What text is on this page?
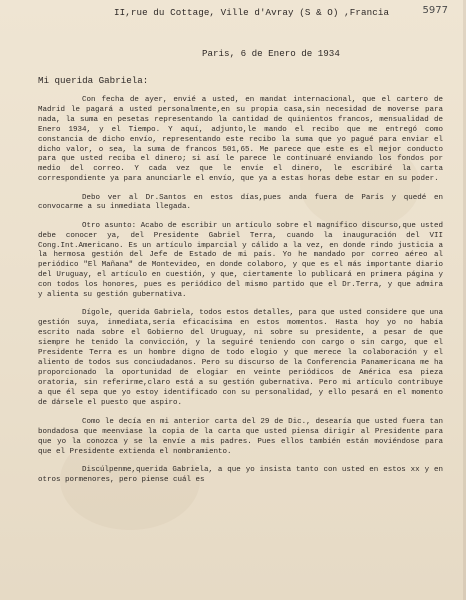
II,rue du Cottage, Ville d'Avray (S & O) ,Francia	5977
Paris, 6 de Enero de 1934
Mi querida Gabriela:

Con fecha de ayer, envié a usted, en mandat internacional, que el cartero de Madrid le pagará a usted personalmente,en su propia casa,sin necesidad de moverse para nada, la suma en pesetas representando la cantidad de quinientos francos, mensualidad de Enero 1934, y el Tiempo. Y aquí, adjunto,le mando el recibo que me entregó como constancia de dicho envío, representando este recibo la suma que yo pagué para enviar el dicho valor, o sea, la suma de francos 501,65. Me parece que este es el mejor conducto para que usted reciba el dinero; si así le parece le continuaré enviando los fondos por medio del correo. Y cada vez que le envíe el dinero, le escribiré la carta correspondiente ya para anunciarle el envío, que ya a estas horas debe estar en su poder.

Debo ver al Dr.Santos en estos días,pues anda fuera de París y quedé en convocarme a su inmediata llegada.

Otro asunto: Acabo de escribir un artículo sobre el magnífico discurso,que usted debe conocer ya, del Presidente Gabriel Terra, cuando la inauguración del VII Cong.Int.Americano. Es un artículo imparcial y cálido a la vez, en donde rindo justicia a la hermosa gestión del Jefe de Estado de mi país. Yo he mandado por correo aéreo al periódico "El Mañana" de Montevideo, en donde colaboro, y que es el más importante diario del Uruguay, el artículo en cuestión, y que, ciertamente lo publicará en primera página y con todos los honores, pues es periódico del mismo partido que el Dr.Terra, y que admira y alienta su gestión gubernativa.

Dígole, querida Gabriela, todos estos detalles, para que usted considere que una gestión suya, inmediata,sería eficacísima en estos momentos. Hasta hoy yo no había escrito nada sobre el Gobierno del Uruguay, ni sobre su presidente, a pesar de que siempre he tenido la convicción, y la seguiré teniendo con cargo o sin cargo, que el Presidente Terra es un hombre digno de todo elogio y que merece la colaboración y el aliento de todos sus conciudadanos. Pero su discurso de la Conferencia Panamericana me ha proporcionado la oportunidad de elogiar en veinte periódicos de América esa pieza oratoria, sin referirme,claro está a su gestión gubernativa. Pero mi artículo contribuye a que él sepa que yo estoy identificado con su personalidad, y ello pesará en el momento de dársele el puesto que aspiro.

Como le decía en mi anterior carta del 29 de Dic., desearía que usted fuera tan bondadosa que meenviase la copia de la carta que usted piensa dirigir al Presidente para que yo la conozca y se la envíe a mis padres. Pues ellos también están moviéndose para que el Presidente extienda el nombramiento.

Discúlpenme,querida Gabriela, a que yo insista tanto con usted en estos xx y en otros pormenores, pero piense cuál es
